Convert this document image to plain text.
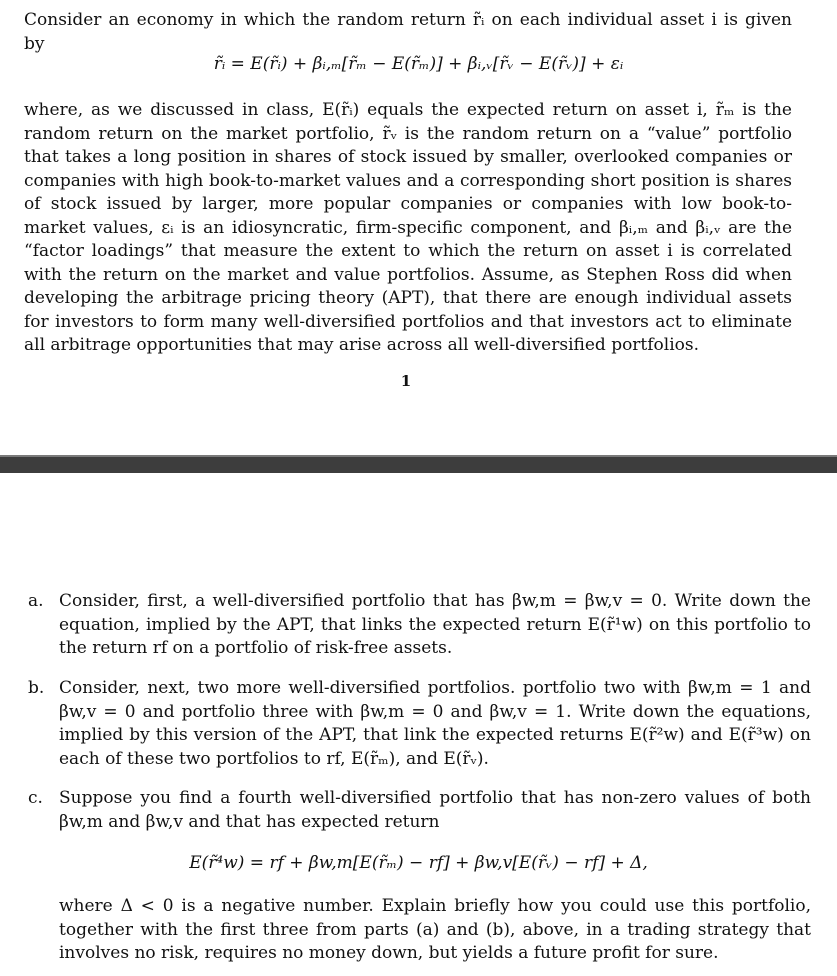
Consider an economy in which the random return r̃ᵢ on each individual asset i is given by
r̃ᵢ = E(r̃ᵢ) + βᵢ,ₘ[r̃ₘ − E(r̃ₘ)] + βᵢ,ᵥ[r̃ᵥ − E(r̃ᵥ)] + εᵢ
where, as we discussed in class, E(r̃ᵢ) equals the expected return on asset i, r̃ₘ is the random return on the market portfolio, r̃ᵥ is the random return on a “value” portfolio that takes a long position in shares of stock issued by smaller, overlooked companies or companies with high book-to-market values and a corresponding short position is shares of stock issued by larger, more popular companies or companies with low book-to-market values, εᵢ is an idiosyncratic, firm-specific component, and βᵢ,ₘ and βᵢ,ᵥ are the “factor loadings” that measure the extent to which the return on asset i is correlated with the return on the market and value portfolios. Assume, as Stephen Ross did when developing the arbitrage pricing theory (APT), that there are enough individual assets for investors to form many well-diversified portfolios and that investors act to eliminate all arbitrage opportunities that may arise across all well-diversified portfolios.
1
a. Consider, first, a well-diversified portfolio that has βw,m = βw,v = 0. Write down the equation, implied by the APT, that links the expected return E(r̃¹w) on this portfolio to the return rf on a portfolio of risk-free assets.
b. Consider, next, two more well-diversified portfolios. portfolio two with βw,m = 1 and βw,v = 0 and portfolio three with βw,m = 0 and βw,v = 1. Write down the equations, implied by this version of the APT, that link the expected returns E(r̃²w) and E(r̃³w) on each of these two portfolios to rf, E(r̃ₘ), and E(r̃ᵥ).
c. Suppose you find a fourth well-diversified portfolio that has non-zero values of both βw,m and βw,v and that has expected return
E(r̃⁴w) = rf + βw,m[E(r̃ₘ) − rf] + βw,v[E(r̃ᵥ) − rf] + Δ,
where Δ < 0 is a negative number. Explain briefly how you could use this portfolio, together with the first three from parts (a) and (b), above, in a trading strategy that involves no risk, requires no money down, but yields a future profit for sure.
